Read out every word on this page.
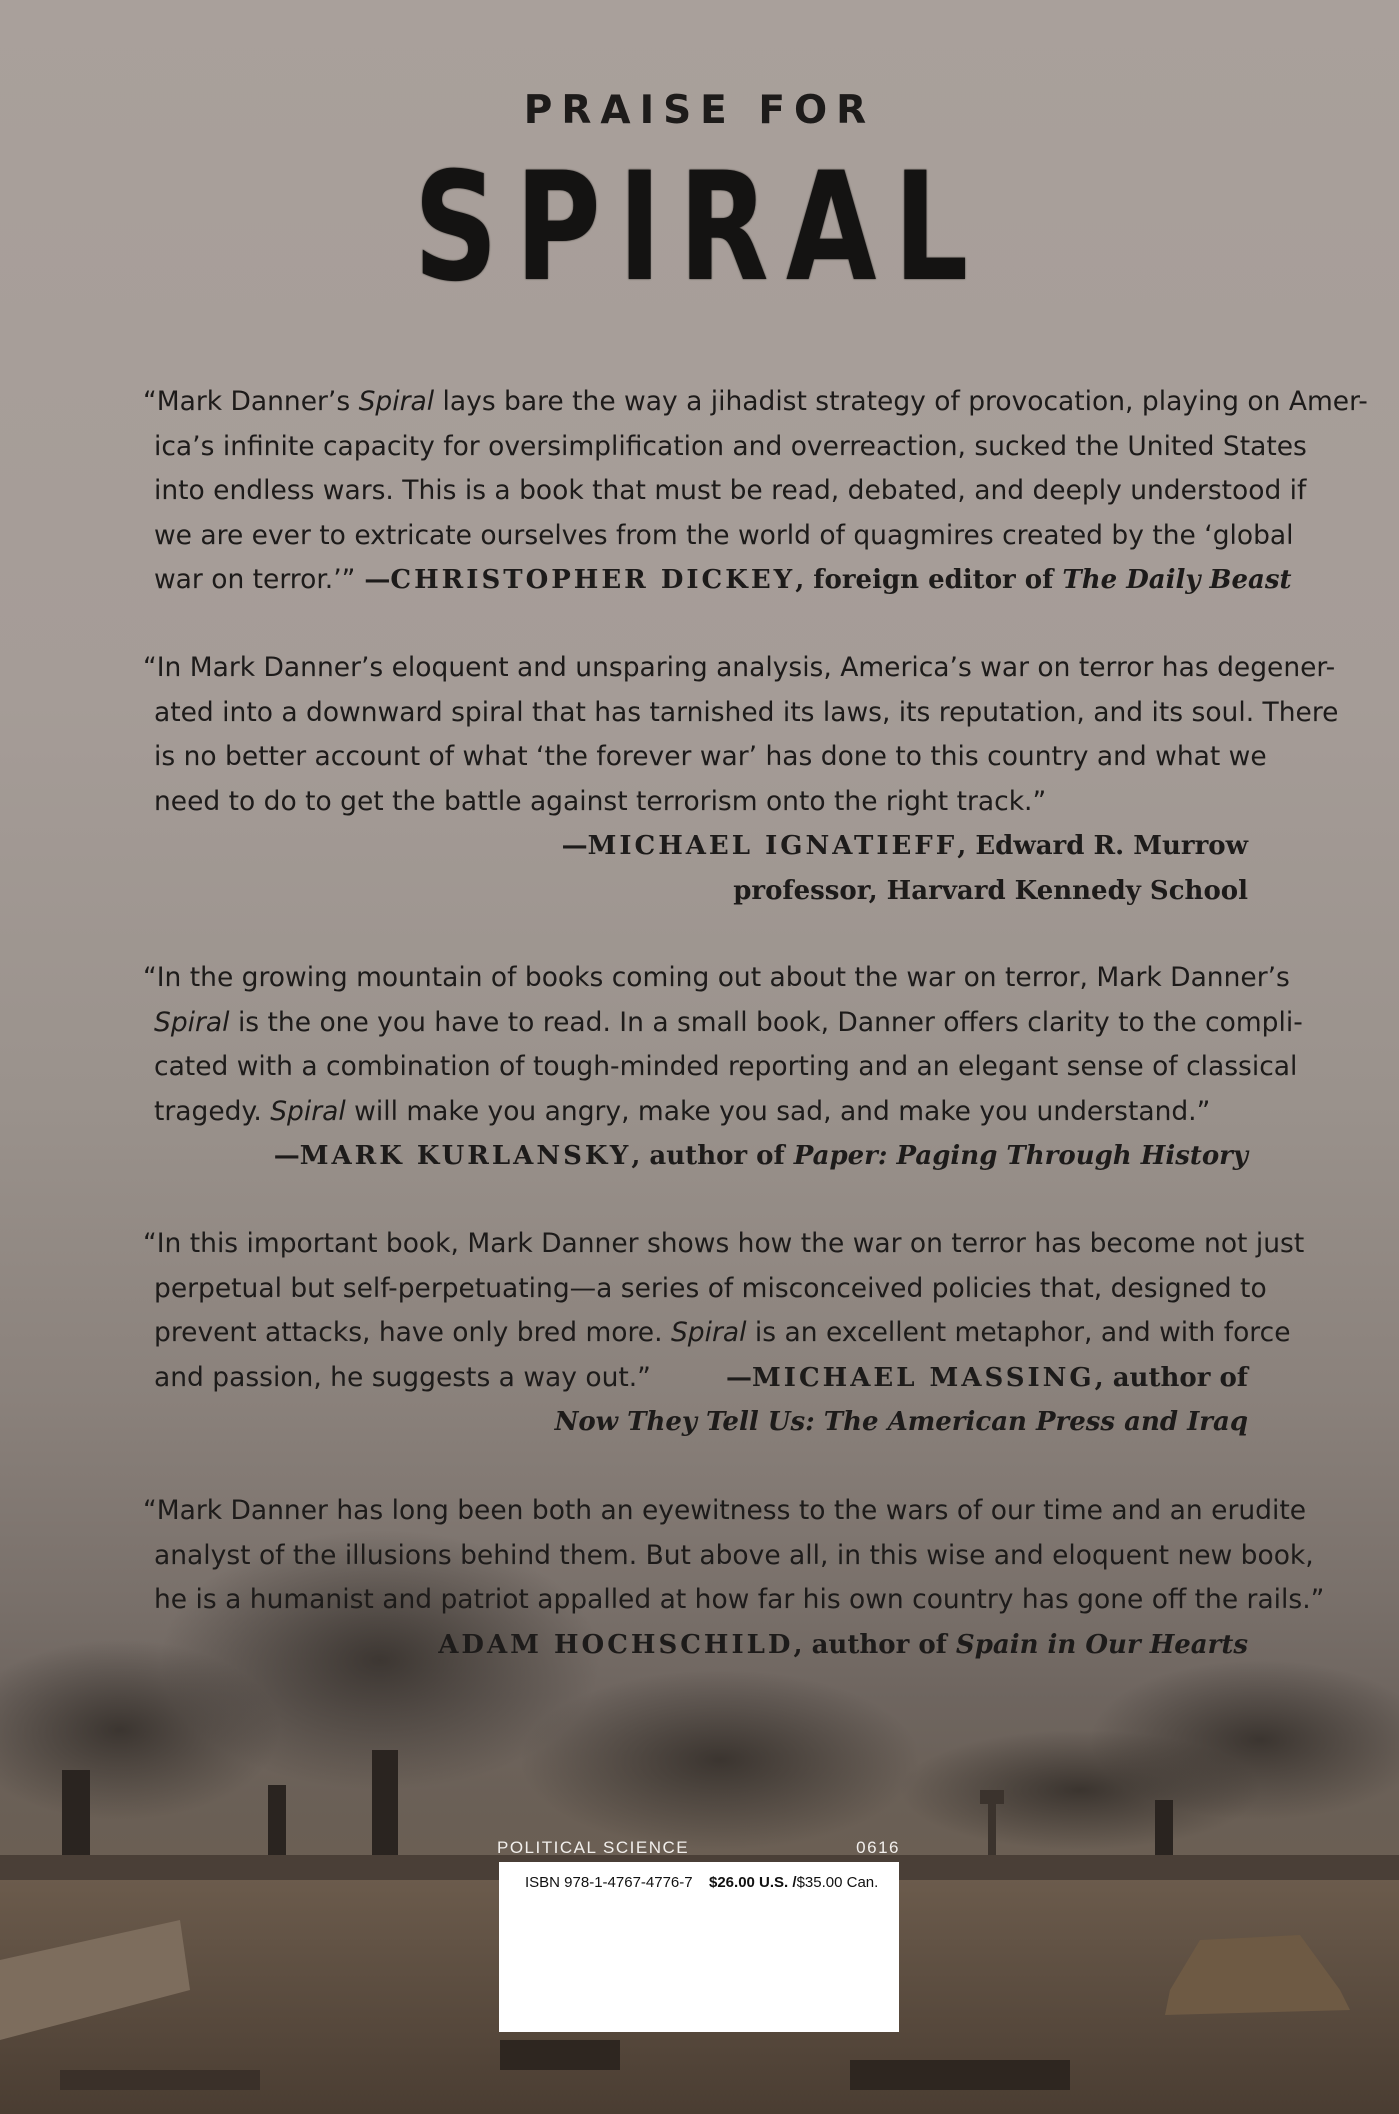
PRAISE FOR
SPIRAL
“Mark Danner’s Spiral lays bare the way a jihadist strategy of provocation, playing on Amer-
ica’s infinite capacity for oversimplification and overreaction, sucked the United States
into endless wars. This is a book that must be read, debated, and deeply understood if
we are ever to extricate ourselves from the world of quagmires created by the ‘global
war on terror.’” —CHRISTOPHER DICKEY, foreign editor of The Daily Beast
“In Mark Danner’s eloquent and unsparing analysis, America’s war on terror has degener-
ated into a downward spiral that has tarnished its laws, its reputation, and its soul. There
is no better account of what ‘the forever war’ has done to this country and what we
need to do to get the battle against terrorism onto the right track.”
—MICHAEL IGNATIEFF, Edward R. Murrow
professor, Harvard Kennedy School
“In the growing mountain of books coming out about the war on terror, Mark Danner’s
Spiral is the one you have to read. In a small book, Danner offers clarity to the compli-
cated with a combination of tough-minded reporting and an elegant sense of classical
tragedy. Spiral will make you angry, make you sad, and make you understand.”
—MARK KURLANSKY, author of Paper: Paging Through History
“In this important book, Mark Danner shows how the war on terror has become not just
perpetual but self-perpetuating—a series of misconceived policies that, designed to
prevent attacks, have only bred more. Spiral is an excellent metaphor, and with force
and passion, he suggests a way out.”	—MICHAEL MASSING, author of
Now They Tell Us: The American Press and Iraq
“Mark Danner has long been both an eyewitness to the wars of our time and an erudite
analyst of the illusions behind them. But above all, in this wise and eloquent new book,
he is a humanist and patriot appalled at how far his own country has gone off the rails.”
ADAM HOCHSCHILD, author of Spain in Our Hearts
POLITICAL SCIENCE	0616
ISBN 978-1-4767-4776-7 $26.00 U.S. /$35.00 Can.
